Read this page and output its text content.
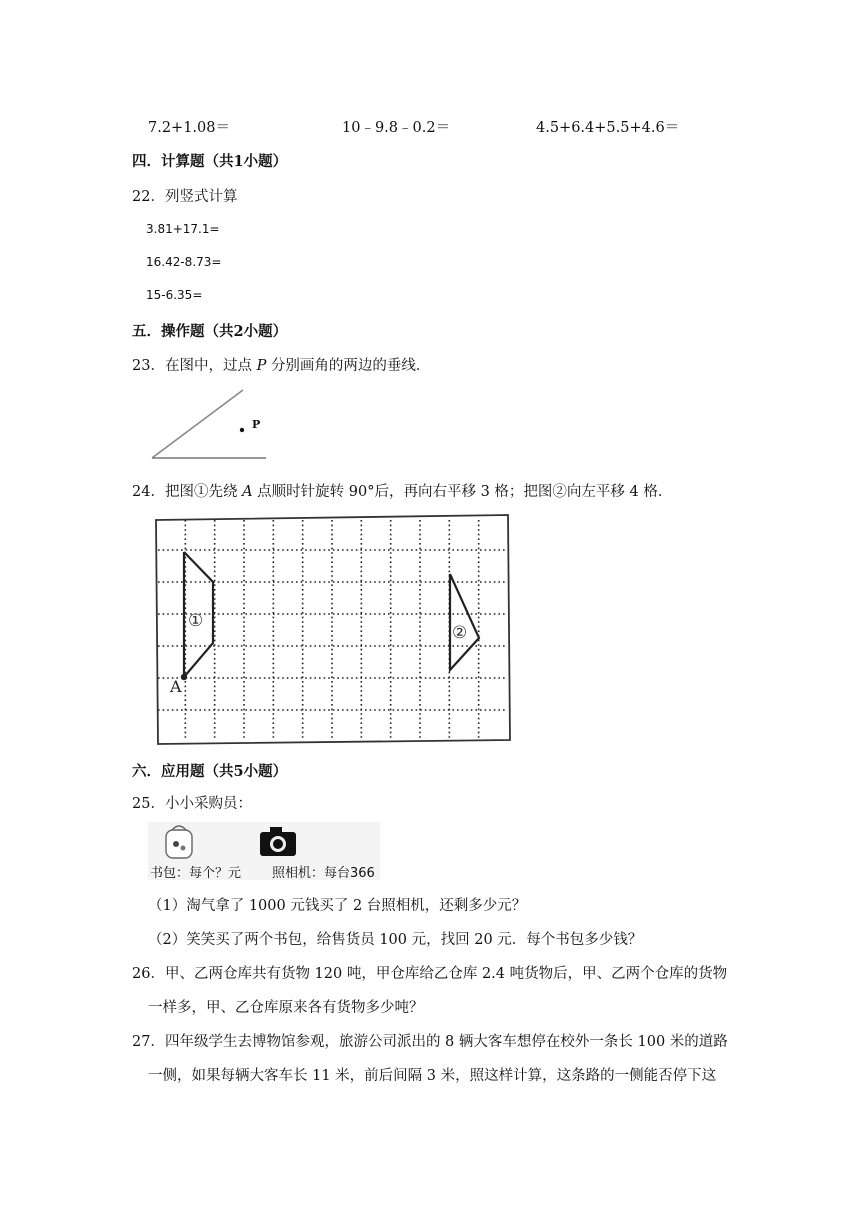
7.2+1.08＝	10﹣9.8﹣0.2＝	4.5+6.4+5.5+4.6＝
四．计算题（共1小题）
22．列竖式计算
3.81+17.1=
16.42-8.73=
15-6.35=
五．操作题（共2小题）
23．在图中，过点 P 分别画角的两边的垂线．
P
24．把图①先绕 A 点顺时针旋转 90°后，再向右平移 3 格；把图②向左平移 4 格．
A
①
②
六．应用题（共5小题）
25．小小采购员：
书包：每个？元 照相机：每台366
（1）淘气拿了 1000 元钱买了 2 台照相机，还剩多少元？
（2）笑笑买了两个书包，给售货员 100 元，找回 20 元．每个书包多少钱？
26．甲、乙两仓库共有货物 120 吨，甲仓库给乙仓库 2.4 吨货物后，甲、乙两个仓库的货物
一样多，甲、乙仓库原来各有货物多少吨？
27．四年级学生去博物馆参观，旅游公司派出的 8 辆大客车想停在校外一条长 100 米的道路
一侧，如果每辆大客车长 11 米，前后间隔 3 米，照这样计算，这条路的一侧能否停下这
